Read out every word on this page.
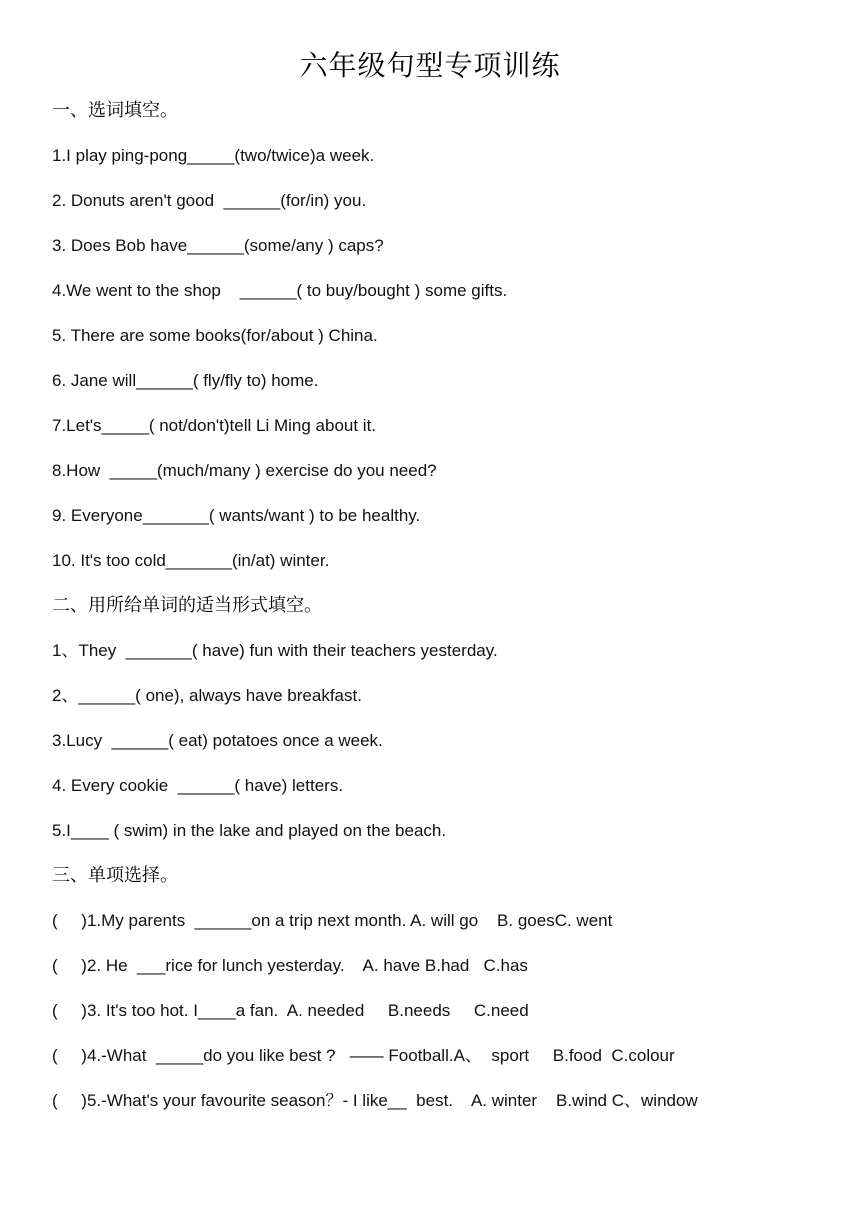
六年级句型专项训练
一、选词填空。
1.I play ping-pong_____(two/twice)a week.
2. Donuts aren't good  ______(for/in) you.
3. Does Bob have______(some/any ) caps?
4.We went to the shop    ______( to buy/bought ) some gifts.
5. There are some books(for/about ) China.
6. Jane will______( fly/fly to) home.
7.Let's_____( not/don't)tell Li Ming about it.
8.How  _____(much/many ) exercise do you need?
9. Everyone_______( wants/want ) to be healthy.
10. It's too cold_______(in/at) winter.
二、用所给单词的适当形式填空。
1、They  _______( have) fun with their teachers yesterday.
2、______( one), always have breakfast.
3.Lucy  ______( eat) potatoes once a week.
4. Every cookie  ______( have) letters.
5.I____ ( swim) in the lake and played on the beach.
三、单项选择。
(     )1.My parents  ______on a trip next month. A. will go    B. goesC. went
(     )2. He  ___rice for lunch yesterday.    A. have B.had   C.has
(     )3. It's too hot. I____a fan.  A. needed     B.needs     C.need
(     )4.-What  _____do you like best ?   —— Football.A、  sport     B.food  C.colour
(     )5.-What's your favourite season？- I like__  best.    A. winter    B.wind C、window
